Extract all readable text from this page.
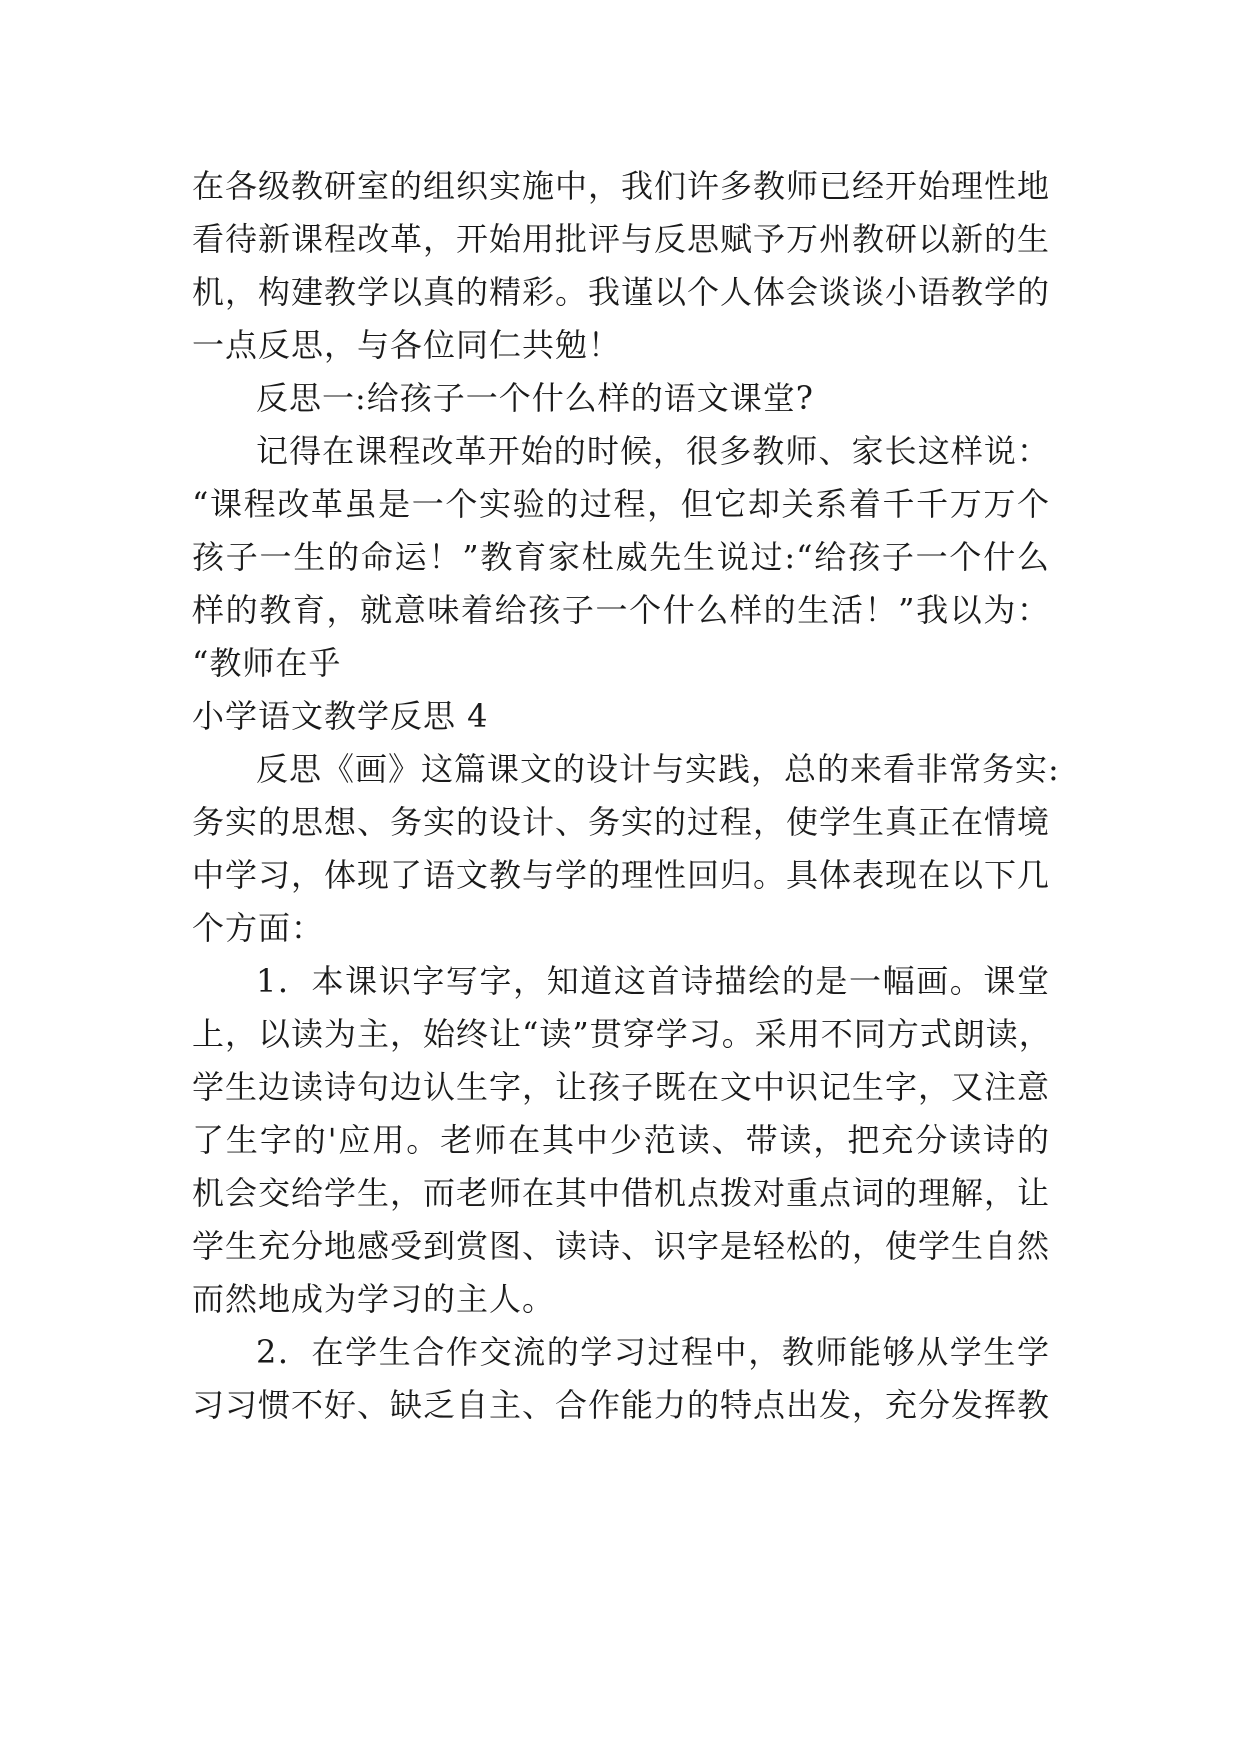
在各级教研室的组织实施中，我们许多教师已经开始理性地
看待新课程改革，开始用批评与反思赋予万州教研以新的生
机，构建教学以真的精彩。我谨以个人体会谈谈小语教学的
一点反思，与各位同仁共勉！
反思一:给孩子一个什么样的语文课堂?
记得在课程改革开始的时候，很多教师、家长这样说：
“课程改革虽是一个实验的过程，但它却关系着千千万万个
孩子一生的命运！”教育家杜威先生说过:“给孩子一个什么
样的教育，就意味着给孩子一个什么样的生活！”我以为：
“教师在乎
小学语文教学反思 4
反思《画》这篇课文的设计与实践，总的来看非常务实:
务实的思想、务实的设计、务实的过程，使学生真正在情境
中学习，体现了语文教与学的理性回归。具体表现在以下几
个方面：
1．本课识字写字，知道这首诗描绘的是一幅画。课堂
上，以读为主，始终让“读”贯穿学习。采用不同方式朗读，
学生边读诗句边认生字，让孩子既在文中识记生字，又注意
了生字的'应用。老师在其中少范读、带读，把充分读诗的
机会交给学生，而老师在其中借机点拨对重点词的理解，让
学生充分地感受到赏图、读诗、识字是轻松的，使学生自然
而然地成为学习的主人。
2．在学生合作交流的学习过程中，教师能够从学生学
习习惯不好、缺乏自主、合作能力的特点出发，充分发挥教
